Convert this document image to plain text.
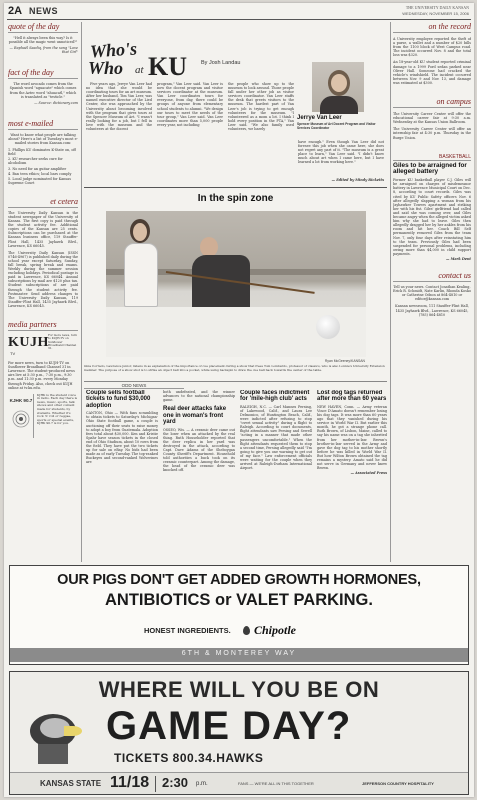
2A NEWS	THE UNIVERSITY DAILY KANSAN
WEDNESDAY, NOVEMBER 15, 2006
quote of the day
"Hell it always been this way? Is it possible all the magic went unnoticed?"
— Raphaël Saadiq, from the song "Love that Girl"
fact of the day
The word avocado comes from the Spanish word "aguacate" which comes from the Aztec word "ahuacatl," which is translated as "testicle."
— Source: dictionary.com
most e-mailed
Want to know what people are talking about? Here's a list of Tuesday's most e-mailed stories from Kansan.com:
1. Phillips KU dominates K-State on, off field
2. KU researcher seeks cure for alcoholism
3. No need for an guitar amplifier
4. Ban teen ethics; local bars comply
5. Local judge nominated for Kansas Supreme Court
et cetera
The University Daily Kansan is the student newspaper of the University of Kansas. The first copy is paid through the student activity fee. Additional copies of the Kansan are 25 cents. Subscriptions can be purchased at the Kansan business office, 119 Stauffer-Flint Hall, 1435 Jayhawk Blvd., Lawrence, KS 66045.
The University Daily Kansan (ISSN 0746-4967) is published daily during the school year except Saturday, Sunday, fall break, spring break and exams. Weekly during the summer session excluding holidays. Periodical postage is paid in Lawrence, KS 66044. Annual subscriptions by mail are $120 plus tax. Student subscriptions of are paid through the student activity fee. Postmaster: Send address changes to The University Daily Kansan, 119 Stauffer-Flint Hall, 1435 Jayhawk Blvd., Lawrence, KS 66045.
media partners
KUJH
TV
For more news, turn to KUJH-TV on Sunflower Broadband Channel 31.
For more news, turn to KUJH-TV on Sunflower Broadband Channel 31 in Lawrence. The student-produced news airs live at 5:30 p.m., 7:30 p.m., 9:30 p.m. and 11:30 p.m. every Monday through Friday. Also, check out KUJH online at tv.ku.edu.
KJHK 90.7
KJHK is the student voice in radio. Each day there is news, music, sports, talk shows and other content made for students, by students. Whether it's rock 'n' roll or reggae, sports or special events, KJHK 90.7 is for you.
Who's
Who at KU	By Josh Landau
Jerrye Van Leer
Spencer Museum of Art Docent Program and Visitor Services Coordinator
Five years ago, Jerrye Van Leer had no idea that she would be coordinating tours for an art museum. After her husband, Tim Van Leer, was named executive director of the Lied Center, she was approached by the University about becoming involved with the program that gives tours at the Spencer Museum of Art. "I wasn't really looking for a job, but I fell in love with the museum and the volunteers at the docent
program," Van Leer said. Van Leer is now the docent program and visitor services coordinator at the museum. Van Leer coordinates tours for everyone, from day, there could be groups of anyone from elementary school students to alumni. "We design our tours to meet the needs of the tour group," Van Leer said. Van Leer coordinates more than 5,000 people every year, not including
the people who show up to the museum to look around. Those people fall under her other job as visitor services coordinator. Van Leer staffs the desk that greets visitors to the museum. The hardest part of Van Leer's job is trying to get enough volunteers for the museum. "I volunteered as a mom a lot. I think I hold every position in the PTA," Van Leer said. "We also family used volunteers, we barely
have enough." Even though Van Leer did not foresee this job when she came here, she does not regret any part of it. "The museum is a great place to learn," Van Leer said. "I didn't know much about art when I came here, but I have learned a lot from working here."
— Edited by Mindy Ricketts
In the spin zone
Ryan McGeeney/KANSAN
Gina Corrado, Lawrence junior, listens in as explanation of the importance of cue placement during a show that frees Tom Lombardo, professor of classics, who is also Lonnie's University Extension member. The purpose of a show shot is to strike an object ball into a pocket, while using backspin to draw the cue ball back towards the center of the table.
ODD NEWS
Couple sells football tickets to fund $30,000 adoption
CANTON, Ohio — With fans scrambling to obtain tickets to Saturday's Michigan-Ohio State football game, a couple is auctioning off their seats to raise money to adopt a boy from Guatemala. Adoption fees total about $30,000. Ken and Kristie Spahr have season tickets in the closed end of Ohio Stadium, about 10 rows from the field. They have put the two tickets up for sale on eBay. No bids had been made as of early Tuesday. The top-ranked Buckeyes and second-ranked Wolverines are
both undefeated, and the winner advances to the national championship game.
Real deer attacks fake one in woman's front yard
OSSEO, Wis. — A ceramic deer came out the loser when an attacked by the real thing. Ruth Householder reported that the deer replica in her yard was destroyed in the attack, according to Capt. Dave Adams of the Sheboygan County Sheriff's Department. Household told authorities a buck took on its ceramic counterpart. Among the damage, the head of the ceramic deer was knocked off.
Couple faces indictment for 'mile-high club' acts
RALEIGH, N.C. — Carl Mannes Persing, of Lakewood, Calif., and Laura Lee Delmonico, of Huntington Beach, Calif., were indicted after refusing to stop "overt sexual activity" during a flight to Raleigh. According to court documents, flight attendants saw Persing and Sewell "acting in a manner that made other passengers uncomfortable." When the flight attendants requested them to stop a second time, Persing allegedly said "I'm going to give you one warning to get out of my face." Law enforcement officials were waiting for the couple when they arrived at Raleigh-Durham International Airport.
Lost dog tags returned after more than 60 years
NEW HAVEN, Conn. — Army veteran Vince D'Amato doesn't remember losing his dog tags. It was more than 60 years ago that they vanished during his service in World War II. But earlier this month, he got a strange phone call. Ruth Brown, of Lisbon, Maine, called to say his name was on a tag she inherited from her mother-in-law. Brown's brother-in-law served in the Army and gave the dog tag to his mother shortly before he was killed in World War II. But how Wilton Brown obtained the tag remains a mystery. Amato said he did not serve in Germany and never knew Brown.
— Associated Press
on the record
A University employee reported the theft of a purse, a wallet and a number of $20 bills from the 1100 block of West Campus road. The incident occurred Nov. 8 and the total loss was $320.
An 18-year-old KU student reported criminal damage to a 1999 Ford sedan parked near Oliver Hall. Someone had cracked the vehicle's windshield. The incident occurred between Nov. 9 and Nov. 13, and damage was estimated at $300.
on campus
The University Career Center will offer the educational career fair at 9:30 a.m. Wednesday at the Kansas Union Ballroom.
The University Career Center will offer an internship fair at 4:30 p.m. Thursday in the Burge Union.
BASKETBALL
Giles to be arraigned for alleged battery
Former KU basketball player C.J. Giles will be arraigned on charges of misdemeanor battery in Lawrence Municipal Court on Dec. 8, according to court records. Giles was cited by KU Public Safety officers Nov. 6 after allegedly slapping a woman from his Jayhawker Towers apartment and striking her with his fist. Giles' girlfriend had called and said she was coming over, and Giles became angry when the alleged victim asked him why she had to leave. Giles then allegedly dragged her by her ankles from his room and hit her. Coach Bill Self permanently removed Giles from the team Nov. 7, only four days after reinstating him to the team. Previously Giles had been suspended for personal problems, including owing more than $4,000 in child support payments.
— Mark Dent
contact us
Tell us your news. Contact Jonathan Kealing, Erick R. Schmidt, Nate Karlin, Rhonda Kosko or Catherine Odson at 864-4810 or editor@kansan.com
Kansan newsroom, 111 Stauffer-Flint Hall, 1435 Jayhawk Blvd., Lawrence, KS 66045, (785) 864-4810
OUR PIGS DON'T GET ADDED GROWTH HORMONES,
ANTIBIOTICS or VALET PARKING.
HONEST INGREDIENTS. Chipotle
6TH & MONTEREY WAY
WHERE WILL YOU BE ON
GAME DAY?
TICKETS 800.34.HAWKS
KANSAS STATE 11/18 2:30 p.m.	FANS — WE'RE ALL IN THIS TOGETHER	JEFFERSON COUNTRY HOSPITALITY
